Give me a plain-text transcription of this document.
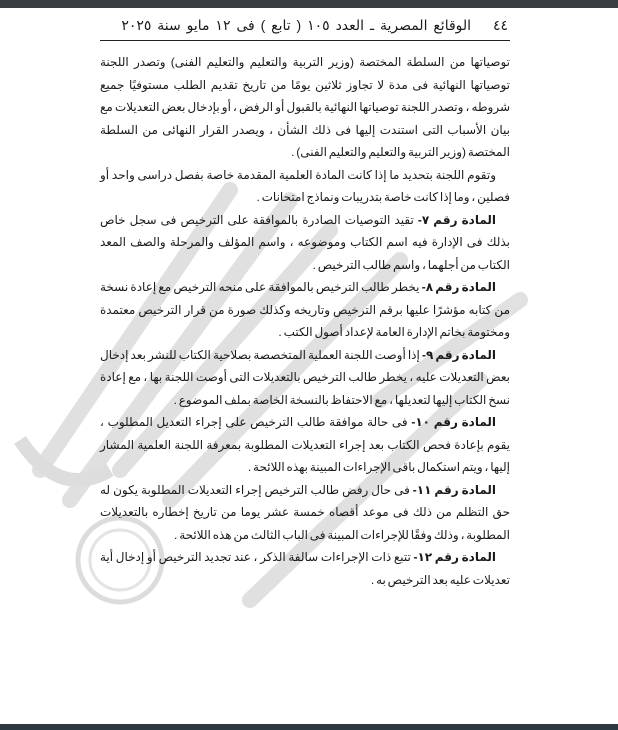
٤٤ الوقائع المصرية ـ العدد ١٠٥ ( تابع ) فى ١٢ مايو سنة ٢٠٢٥

توصياتها من السلطة المختصة (وزير التربية والتعليم والتعليم الفنى) وتصدر اللجنة توصياتها النهائية فى مدة لا تجاوز ثلاثين يومًا من تاريخ تقديم الطلب مستوفيًا جميع شروطه ، وتصدر اللجنة توصياتها النهائية بالقبول أو الرفض ، أو بإدخال بعض التعديلات مع بيان الأسباب التى استندت إليها فى ذلك الشأن ، ويصدر القرار النهائى من السلطة المختصة (وزير التربية والتعليم والتعليم الفنى) .

وتقوم اللجنة بتحديد ما إذا كانت المادة العلمية المقدمة خاصة بفصل دراسى واحد أو فصلين ، وما إذا كانت خاصة بتدريبات ونماذج امتحانات .

المادة رقم ٧- تقيد التوصيات الصادرة بالموافقة على الترخيص فى سجل خاص بذلك فى الإدارة فيه اسم الكتاب وموضوعه ، واسم المؤلف والمرحلة والصف المعد الكتاب من أجلهما ، واسم طالب الترخيص .

المادة رقم ٨- يخطر طالب الترخيص بالموافقة على منحه الترخيص مع إعادة نسخة من كتابه مؤشرًا عليها برقم الترخيص وتاريخه وكذلك صورة من قرار الترخيص معتمدة ومختومة بخاتم الإدارة العامة لإعداد أصول الكتب .

المادة رقم ٩- إذا أوصت اللجنة العملية المتخصصة بصلاحية الكتاب للنشر بعد إدخال بعض التعديلات عليه ، يخطر طالب الترخيص بالتعديلات التى أوصت اللجنة بها ، مع إعادة نسخ الكتاب إليها لتعديلها ، مع الاحتفاظ بالنسخة الخاصة بملف الموضوع .

المادة رقم ١٠- فى حالة موافقة طالب الترخيص على إجراء التعديل المطلوب ، يقوم بإعادة فحص الكتاب بعد إجراء التعديلات المطلوبة بمعرفة اللجنة العلمية المشار إليها ، ويتم استكمال باقى الإجراءات المبينة بهذه اللائحة .

المادة رقم ١١- فى حال رفض طالب الترخيص إجراء التعديلات المطلوبة يكون له حق التظلم من ذلك فى موعد أقصاه خمسة عشر يوما من تاريخ إخطاره بالتعديلات المطلوبة ، وذلك وفقًا للإجراءات المبينة فى الباب الثالث من هذه اللائحة .

المادة رقم ١٢- تتبع ذات الإجراءات سالفة الذكر ، عند تجديد الترخيص أو إدخال أية تعديلات عليه بعد الترخيص به .
